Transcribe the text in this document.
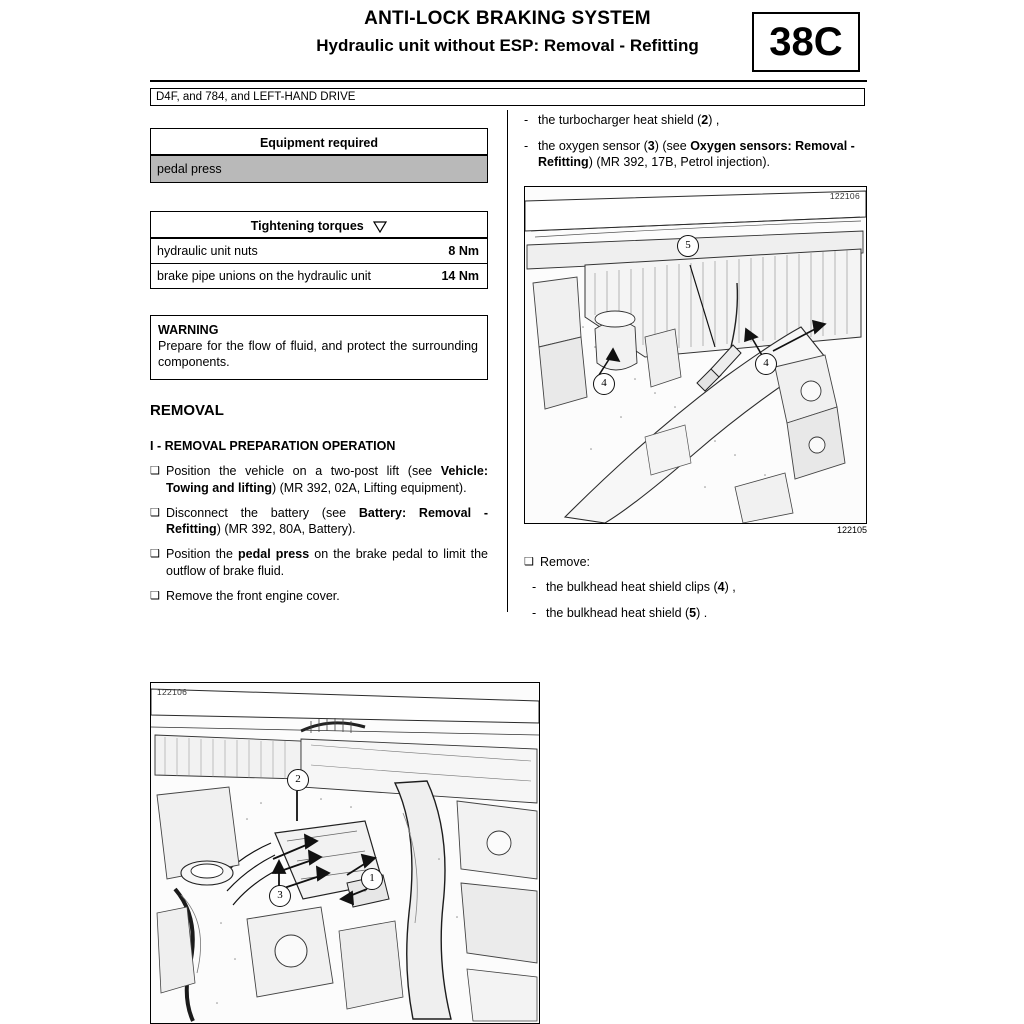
ANTI-LOCK BRAKING SYSTEM
Hydraulic unit without ESP: Removal - Refitting	38C
D4F, and 784, and LEFT-HAND DRIVE
Equipment required
pedal press
Tightening torques
hydraulic unit nuts	8 Nm
brake pipe unions on the hydraulic unit	14 Nm
WARNING
Prepare for the flow of fluid, and protect the surrounding components.
REMOVAL
I - REMOVAL PREPARATION OPERATION
❑ Position the vehicle on a two-post lift (see Vehicle: Towing and lifting) (MR 392, 02A, Lifting equipment).
❑ Disconnect the battery (see Battery: Removal - Refitting) (MR 392, 80A, Battery).
❑ Position the pedal press on the brake pedal to limit the outflow of brake fluid.
❑ Remove the front engine cover.
- the turbocharger heat shield (2) ,
- the oxygen sensor (3) (see Oxygen sensors: Removal - Refitting) (MR 392, 17B, Petrol injection).
122106
5
4
4
122105
❑ Remove:
- the bulkhead heat shield clips (4) ,
- the bulkhead heat shield (5) .
122106
2
1
3
